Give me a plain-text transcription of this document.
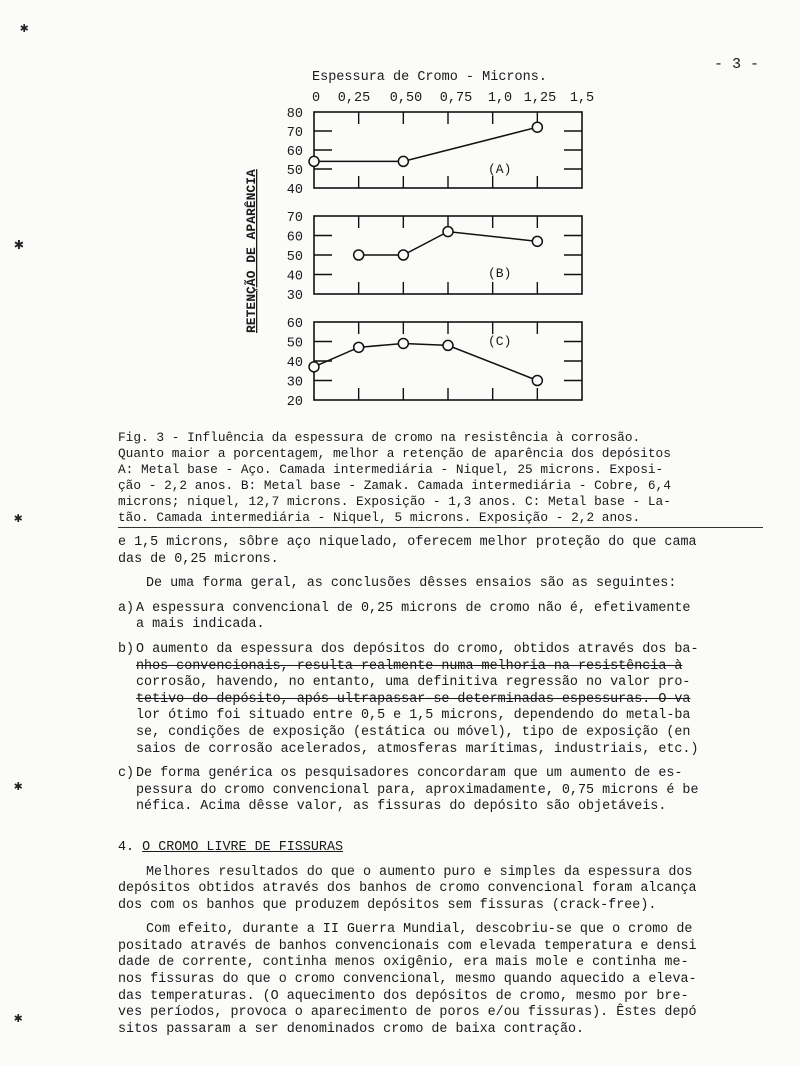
- 3 -
✱
✱
✱
✱
✱
Espessura de Cromo - Microns.
0 0,25 0,50 0,75 1,0 1,25 1,5
RETENÇÃO DE APARÊNCIA
80
70
60
50
40
(A)
70
60
50
40
30
(B)
60
50
40
30
20
(C)
Fig. 3 - Influência da espessura de cromo na resistência à corrosão.
Quanto maior a porcentagem, melhor a retenção de aparência dos depósitos
A: Metal base - Aço. Camada intermediária - Niquel, 25 microns. Exposi-
ção - 2,2 anos. B: Metal base - Zamak. Camada intermediária - Cobre, 6,4
microns; niquel, 12,7 microns. Exposição - 1,3 anos. C: Metal base - La-
tão. Camada intermediária - Niquel, 5 microns. Exposição - 2,2 anos.
e 1,5 microns, sôbre aço niquelado, oferecem melhor proteção do que cama
das de 0,25 microns.
De uma forma geral, as conclusões dêsses ensaios são as seguintes:
a) A espessura convencional de 0,25 microns de cromo não é, efetivamente
a mais indicada.
b) O aumento da espessura dos depósitos do cromo, obtidos através dos ba-
nhos convencionais, resulta realmente numa melhoria na resistência à
corrosão, havendo, no entanto, uma definitiva regressão no valor pro-
tetivo do depósito, após ultrapassar-se determinadas espessuras. O va
lor ótimo foi situado entre 0,5 e 1,5 microns, dependendo do metal-ba
se, condições de exposição (estática ou móvel), tipo de exposição (en
saios de corrosão acelerados, atmosferas marítimas, industriais, etc.)
c) De forma genérica os pesquisadores concordaram que um aumento de es-
pessura do cromo convencional para, aproximadamente, 0,75 microns é be
néfica. Acima dêsse valor, as fissuras do depósito são objetáveis.
4. O CROMO LIVRE DE FISSURAS
Melhores resultados do que o aumento puro e simples da espessura dos
depósitos obtidos através dos banhos de cromo convencional foram alcança
dos com os banhos que produzem depósitos sem fissuras (crack-free).
Com efeito, durante a II Guerra Mundial, descobriu-se que o cromo de
positado através de banhos convencionais com elevada temperatura e densi
dade de corrente, continha menos oxigênio, era mais mole e continha me-
nos fissuras do que o cromo convencional, mesmo quando aquecido a eleva-
das temperaturas. (O aquecimento dos depósitos de cromo, mesmo por bre-
ves períodos, provoca o aparecimento de poros e/ou fissuras). Êstes depó
sitos passaram a ser denominados cromo de baixa contração.
